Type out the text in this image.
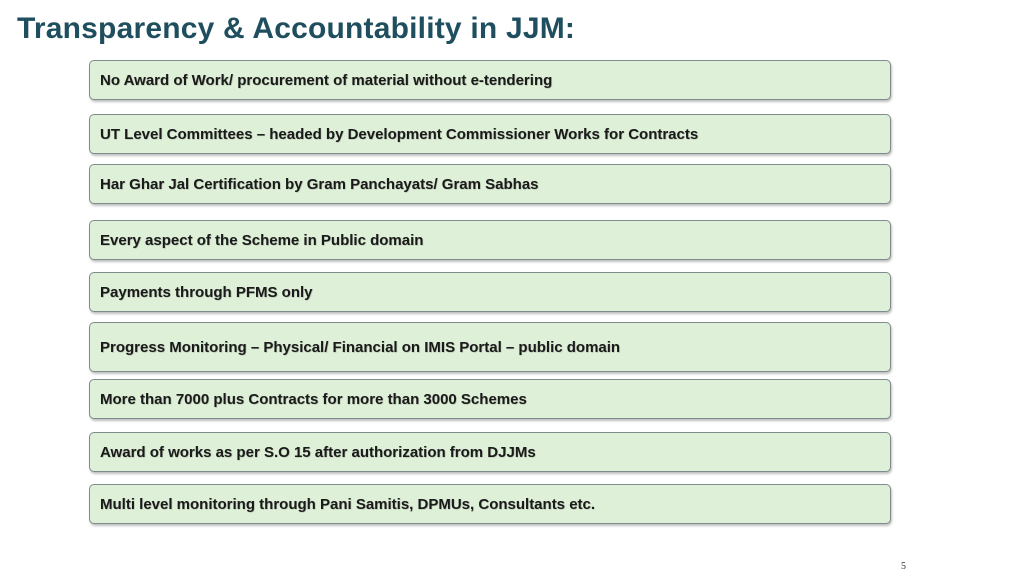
Transparency & Accountability in JJM:
No Award of Work/ procurement of material without e-tendering
UT Level Committees – headed by Development Commissioner Works for Contracts
Har Ghar Jal Certification by Gram Panchayats/ Gram Sabhas
Every aspect of the Scheme in Public domain
Payments through PFMS only
Progress Monitoring – Physical/ Financial on IMIS Portal – public domain
More than 7000 plus Contracts for more than 3000 Schemes
Award of works as per S.O 15 after authorization from DJJMs
Multi level monitoring through Pani Samitis, DPMUs, Consultants etc.
5
